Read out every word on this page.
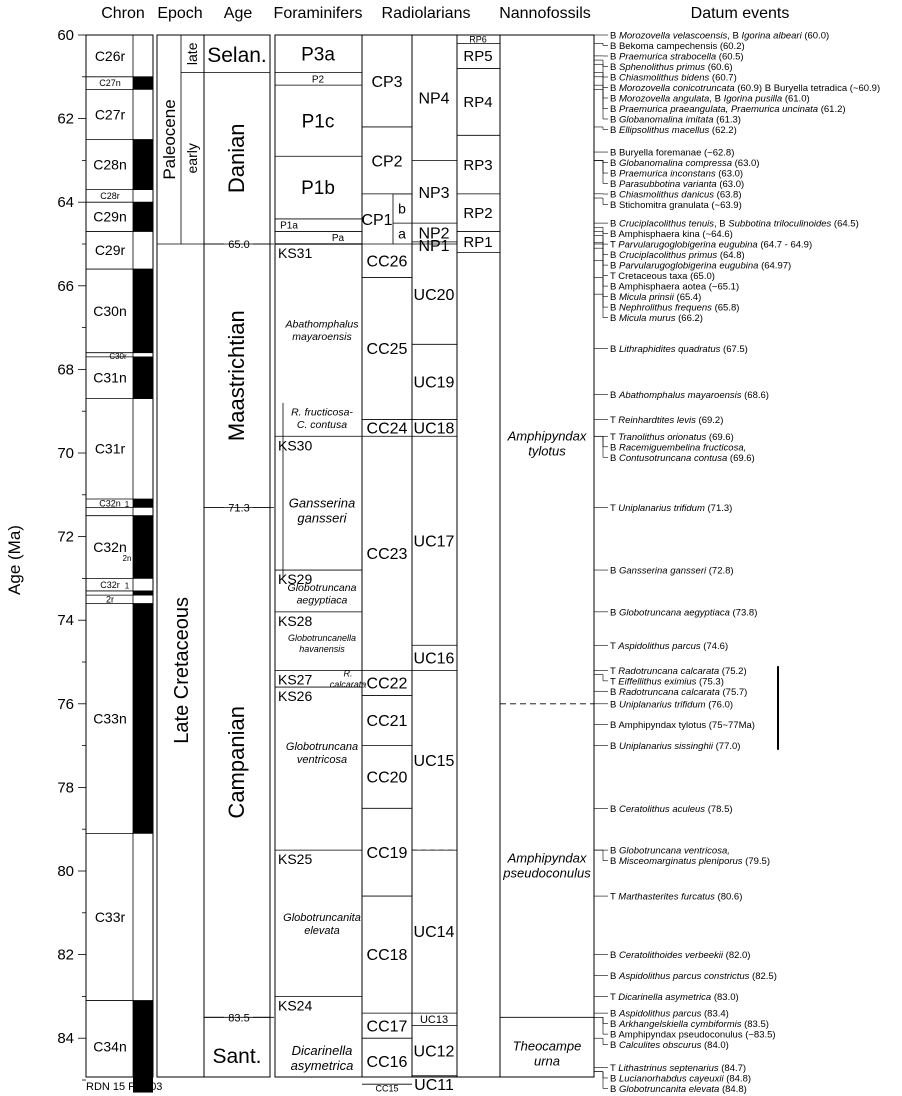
Chron Epoch Age Foraminifers Radiolarians Nannofossils	Datum events
Age (Ma)
60
62
64
66
68
70
72
74
76
78
80
82
84
C26r
C27n
C27r
C28n
C28r
C29n
C29r
C30n
C30r
C31n
C31r
C32n 1
C32n
2n
C32r 1
2r
C33n
C33r
C34n
Paleocene
late
early
Late Cretaceous
65.0
71.3
83.5
Selan.
Danian
Maastrichtian
Campanian
Sant.
P3a
P2
P1c
P1b
P1a
Pa
KS31
KS30
KS29
KS28
KS27
KS26
KS25
KS24
Abathomphalus
mayaroensis
R. fructicosa-
C. contusa
Gansserina
gansseri
Globotruncana
aegyptiaca
Globotruncanella
havanensis
R.
calcarata
Globotruncana
ventricosa
Globotruncanita
elevata
Dicarinella
asymetrica
CP3
CP2
CP1
b
a
CC26
CC25
CC24
CC23
CC22
CC21
CC20
CC19
CC18
CC17
CC16
CC15
NP4
NP3
NP2
NP1
UC20
UC19
UC18
UC17
UC16
UC15
UC14
UC13
UC12
UC11
RP6
RP5
RP4
RP3
RP2
RP1
Amphipyndax
tylotus
Amphipyndax
pseudoconulus
Theocampe
urna
B Morozovella velascoensis, B Igorina albeari (60.0)
B Bekoma campechensis (60.2)
B Praemurica strabocella (60.5)
B Sphenolithus primus (60.6)
B Chiasmolithus bidens (60.7)
B Morozovella conicotruncata (60.9) B Buryella tetradica (~60.9)
B Morozovella angulata, B Igorina pusilla (61.0)
B Praemurica praeangulata, Praemurica uncinata (61.2)
B Globanomalina imitata (61.3)
B Ellipsolithus macellus (62.2)
B Buryella foremanae (~62.8)
B Globanomalina compressa (63.0)
B Praemurica inconstans (63.0)
B Parasubbotina varianta (63.0)
B Chiasmolithus danicus (63.8)
B Stichomitra granulata (~63.9)
B Cruciplacolithus tenuis, B Subbotina triloculinoides (64.5)
B Amphisphaera kina (~64.6)
T Parvularugoglobigerina eugubina (64.7 - 64.9)
B Cruciplacolithus primus (64.8)
B Parvularugoglobigerina eugubina (64.97)
T Cretaceous taxa (65.0)
B Amphisphaera aotea (~65.1)
B Micula prinsii (65.4)
B Nephrolithus frequens (65.8)
B Micula murus (66.2)
B Lithraphidites quadratus (67.5)
B Abathomphalus mayaroensis (68.6)
T Reinhardtites levis (69.2)
T Tranolithus orionatus (69.6)
B Racemiguembelina fructicosa,
B Contusotruncana contusa (69.6)
T Uniplanarius trifidum (71.3)
B Gansserina gansseri (72.8)
B Globotruncana aegyptiaca (73.8)
T Aspidolithus parcus (74.6)
T Radotruncana calcarata (75.2)
T Eiffellithus eximius (75.3)
B Radotruncana calcarata (75.7)
B Uniplanarius trifidum (76.0)
B Amphipyndax tylotus (75~77Ma)
B Uniplanarius sissinghii (77.0)
B Ceratolithus aculeus (78.5)
B Globotruncana ventricosa,
B Misceomarginatus pleniporus (79.5)
T Marthasterites furcatus (80.6)
B Ceratolithoides verbeekii (82.0)
B Aspidolithus parcus constrictus (82.5)
T Dicarinella asymetrica (83.0)
B Aspidolithus parcus (83.4)
B Arkhangelskiella cymbiformis (83.5)
B Amphipyndax pseudoconulus (~83.5)
B Calculites obscurus (84.0)
T Lithastrinus septenarius (84.7)
B Lucianorhabdus cayeuxii (84.8)
B Globotruncanita elevata (84.8)
RDN 15 Feb 03
